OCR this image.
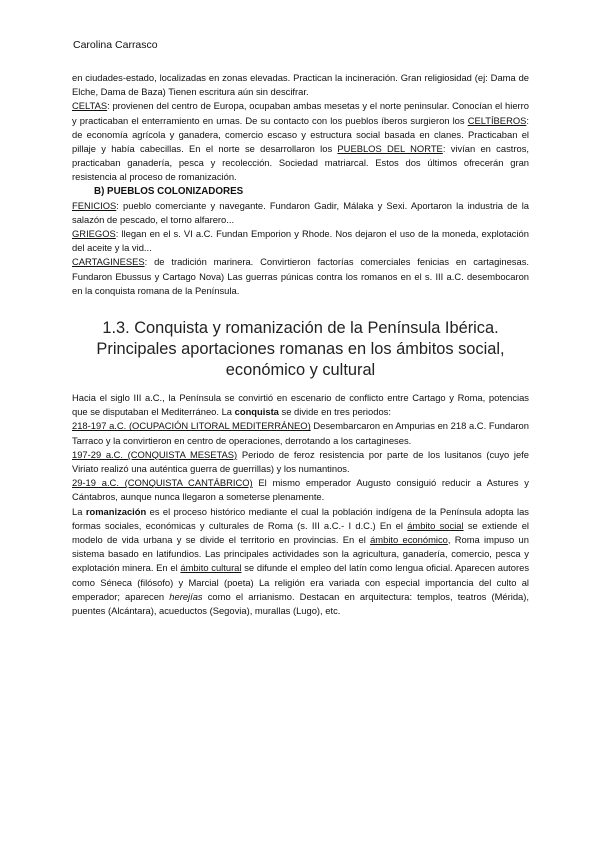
Carolina Carrasco

en ciudades-estado, localizadas en zonas elevadas. Practican la incineración. Gran religiosidad (ej: Dama de Elche, Dama de Baza) Tienen escritura aún sin descifrar.

CELTAS: provienen del centro de Europa, ocupaban ambas mesetas y el norte peninsular. Conocían el hierro y practicaban el enterramiento en urnas. De su contacto con los pueblos íberos surgieron los CELTÍBEROS: de economía agrícola y ganadera, comercio escaso y estructura social basada en clanes. Practicaban el pillaje y había cabecillas. En el norte se desarrollaron los PUEBLOS DEL NORTE: vivían en castros, practicaban ganadería, pesca y recolección. Sociedad matriarcal. Estos dos últimos ofrecerán gran resistencia al proceso de romanización.

B) PUEBLOS COLONIZADORES

FENICIOS: pueblo comerciante y navegante. Fundaron Gadir, Málaka y Sexi. Aportaron la industria de la salazón de pescado, el torno alfarero...

GRIEGOS: llegan en el s. VI a.C. Fundan Emporion y Rhode. Nos dejaron el uso de la moneda, explotación del aceite y la vid...

CARTAGINESES: de tradición marinera. Convirtieron factorías comerciales fenicias en cartaginesas. Fundaron Ebussus y Cartago Nova) Las guerras púnicas contra los romanos en el s. III a.C. desembocaron en la conquista romana de la Península.

1.3. Conquista y romanización de la Península Ibérica.
Principales aportaciones romanas en los ámbitos social,
económico y cultural

Hacia el siglo III a.C., la Península se convirtió en escenario de conflicto entre Cartago y Roma, potencias que se disputaban el Mediterráneo. La conquista se divide en tres periodos:

218-197 a.C. (OCUPACIÓN LITORAL MEDITERRÁNEO) Desembarcaron en Ampurias en 218 a.C. Fundaron Tarraco y la convirtieron en centro de operaciones, derrotando a los cartagineses.

197-29 a.C. (CONQUISTA MESETAS) Periodo de feroz resistencia por parte de los lusitanos (cuyo jefe Viriato realizó una auténtica guerra de guerrillas) y los numantinos.

29-19 a.C. (CONQUISTA CANTÁBRICO) El mismo emperador Augusto consiguió reducir a Astures y Cántabros, aunque nunca llegaron a someterse plenamente.

La romanización es el proceso histórico mediante el cual la población indígena de la Península adopta las formas sociales, económicas y culturales de Roma (s. III a.C.- I d.C.) En el ámbito social se extiende el modelo de vida urbana y se divide el territorio en provincias. En el ámbito económico, Roma impuso un sistema basado en latifundios. Las principales actividades son la agricultura, ganadería, comercio, pesca y explotación minera. En el ámbito cultural se difunde el empleo del latín como lengua oficial. Aparecen autores como Séneca (filósofo) y Marcial (poeta) La religión era variada con especial importancia del culto al emperador; aparecen herejías como el arrianismo. Destacan en arquitectura: templos, teatros (Mérida), puentes (Alcántara), acueductos (Segovia), murallas (Lugo), etc.
